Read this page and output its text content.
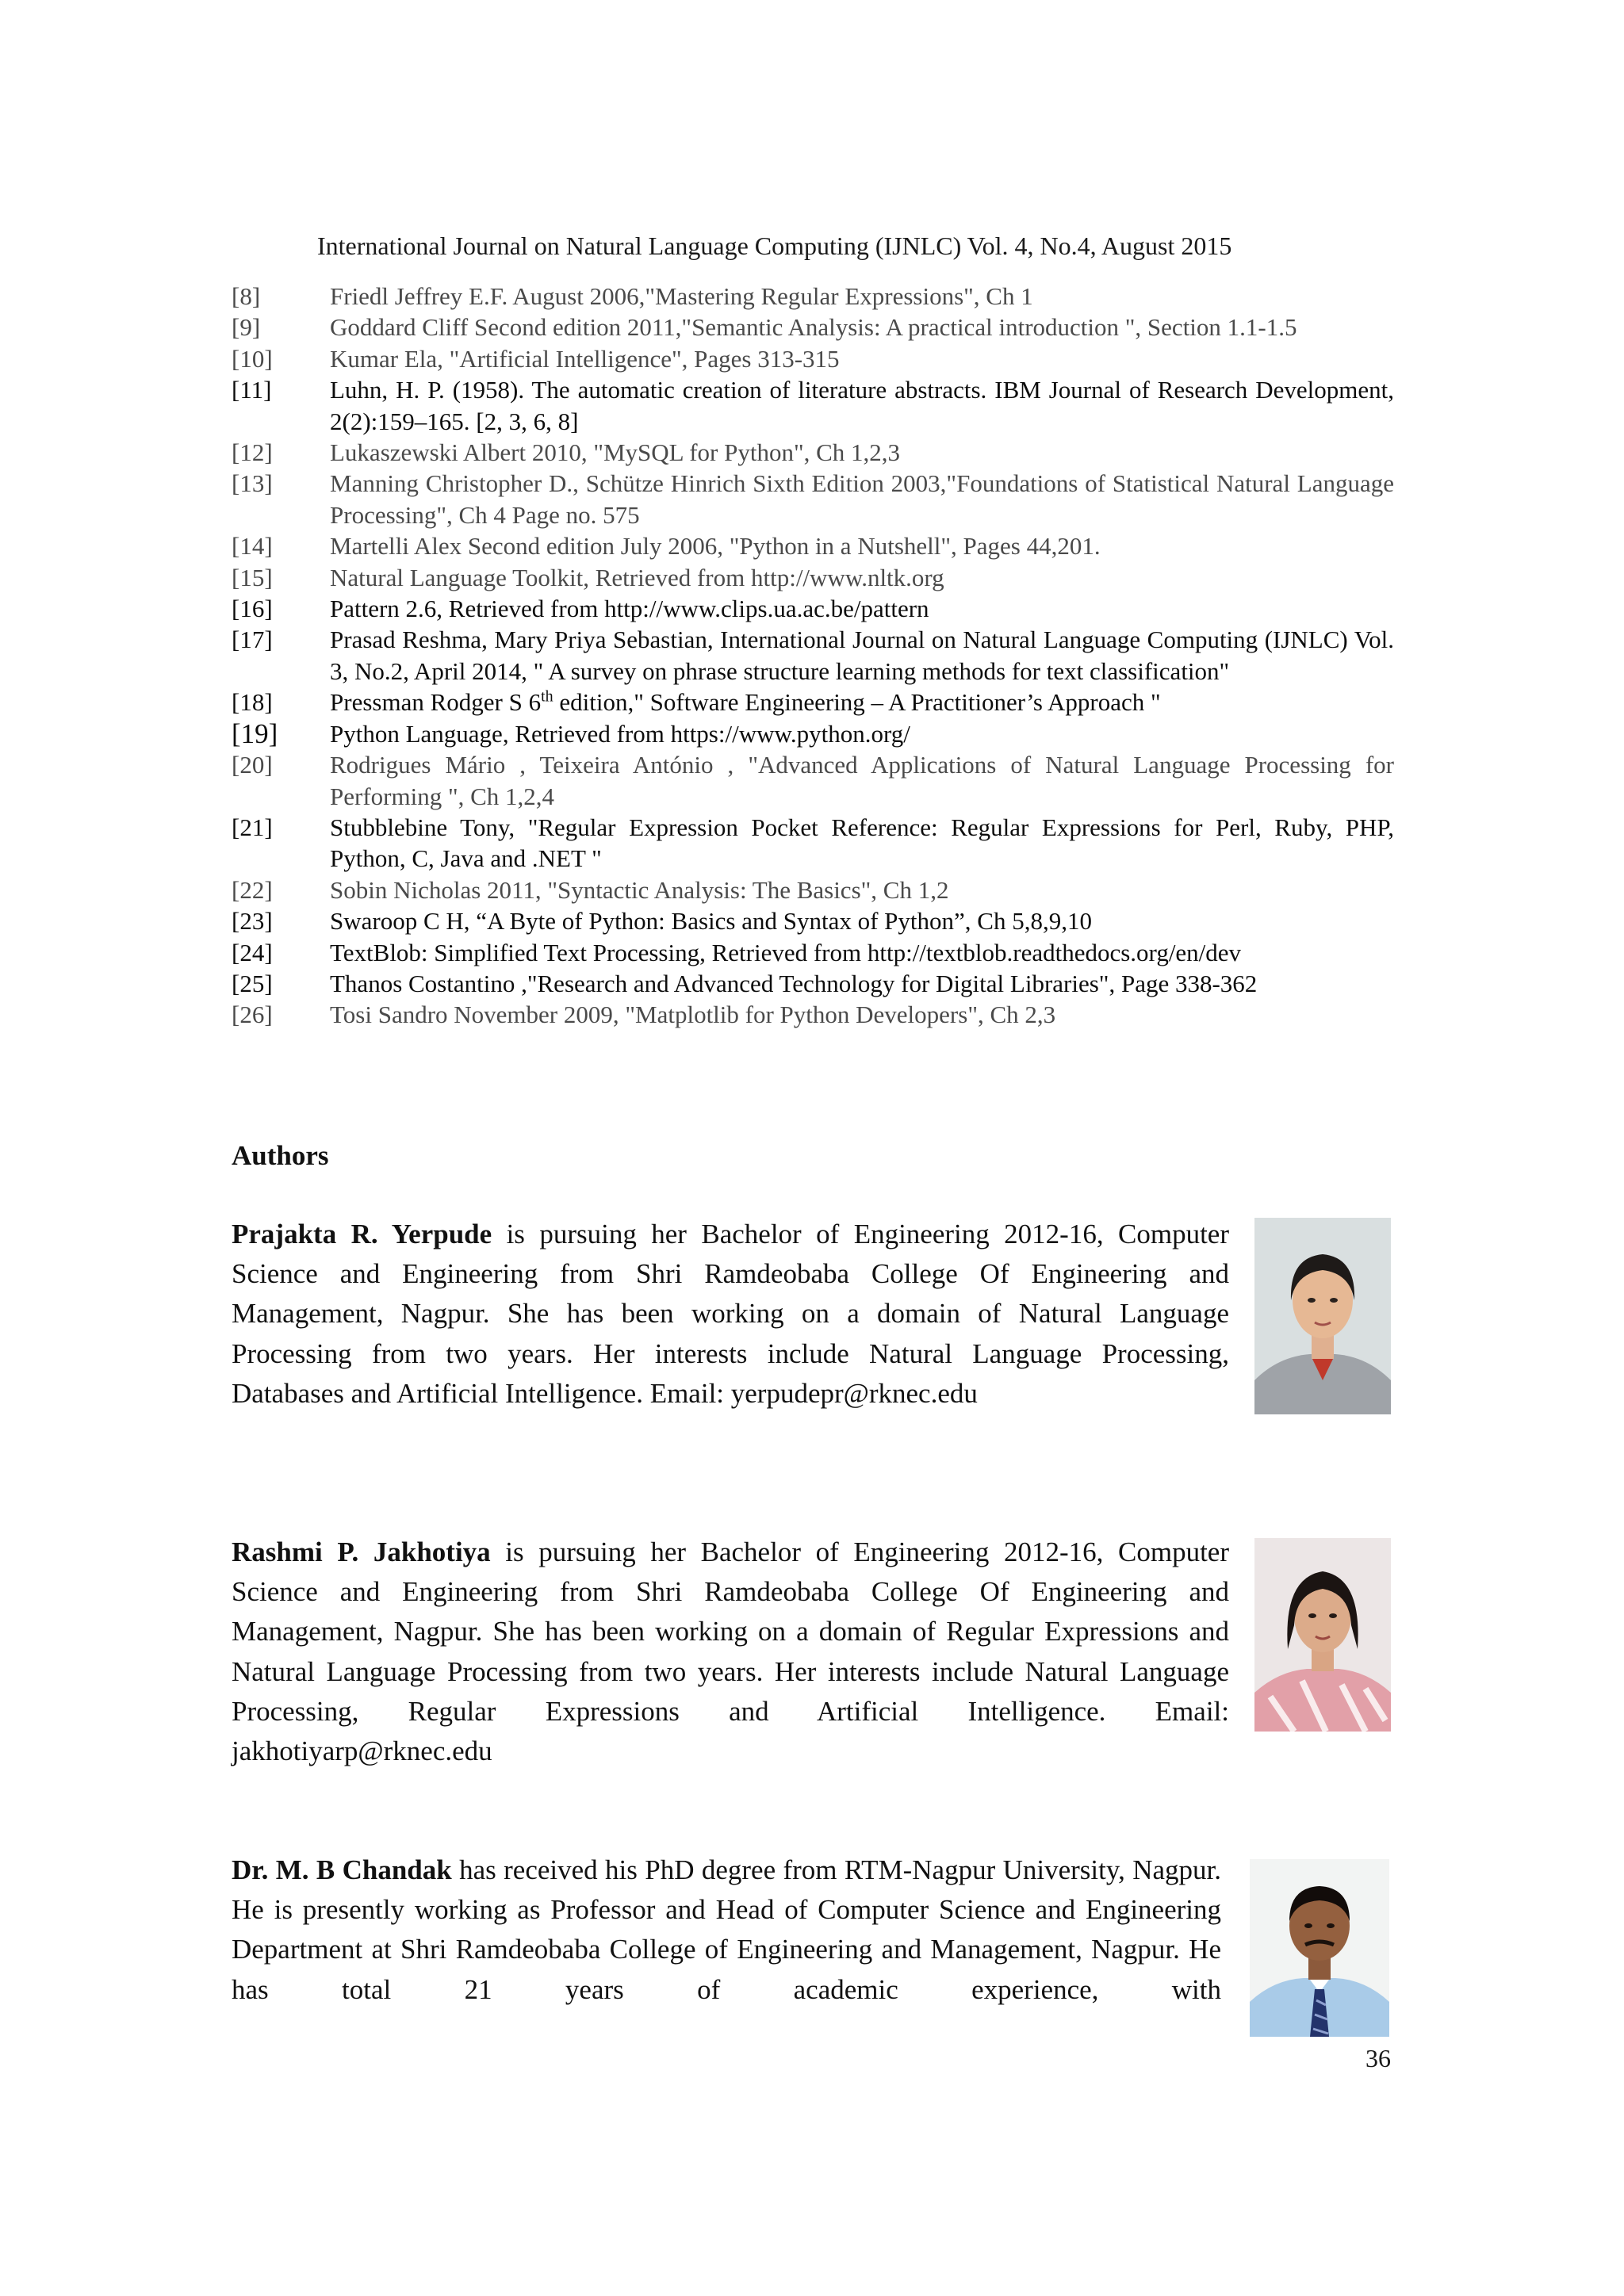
International Journal on Natural Language Computing (IJNLC) Vol. 4, No.4, August 2015
[8]	Friedl Jeffrey E.F. August 2006,"Mastering Regular Expressions", Ch 1
[9]	Goddard Cliff Second edition 2011,"Semantic Analysis: A practical introduction ", Section 1.1-1.5
[10]	Kumar Ela, "Artificial Intelligence", Pages 313-315
[11]	Luhn, H. P. (1958). The automatic creation of literature abstracts. IBM Journal of Research Development, 2(2):159–165. [2, 3, 6, 8]
[12]	Lukaszewski Albert 2010, "MySQL for Python", Ch 1,2,3
[13]	Manning Christopher D., Schütze Hinrich Sixth Edition 2003,"Foundations of Statistical Natural Language Processing", Ch 4 Page no. 575
[14]	Martelli Alex Second edition July 2006, "Python in a Nutshell", Pages 44,201.
[15]	Natural Language Toolkit, Retrieved from http://www.nltk.org
[16]	Pattern 2.6, Retrieved from http://www.clips.ua.ac.be/pattern
[17]	Prasad Reshma, Mary Priya Sebastian, International Journal on Natural Language Computing (IJNLC) Vol. 3, No.2, April 2014, " A survey on phrase structure learning methods for text classification"
[18]	Pressman Rodger S 6th edition," Software Engineering – A Practitioner’s Approach "
[19]	Python Language, Retrieved from https://www.python.org/
[20]	Rodrigues Mário , Teixeira António , "Advanced Applications of Natural Language Processing for Performing ", Ch 1,2,4
[21]	Stubblebine Tony, "Regular Expression Pocket Reference: Regular Expressions for Perl, Ruby, PHP, Python, C, Java and .NET "
[22]	Sobin Nicholas 2011, "Syntactic Analysis: The Basics", Ch 1,2
[23]	Swaroop C H, “A Byte of Python: Basics and Syntax of Python”, Ch 5,8,9,10
[24]	TextBlob: Simplified Text Processing, Retrieved from http://textblob.readthedocs.org/en/dev
[25]	Thanos Costantino ,"Research and Advanced Technology for Digital Libraries", Page 338-362
[26]	Tosi Sandro November 2009, "Matplotlib for Python Developers", Ch 2,3
Authors
Prajakta R. Yerpude is pursuing her Bachelor of Engineering 2012-16, Computer Science and Engineering from Shri Ramdeobaba College Of Engineering and Management, Nagpur. She has been working on a domain of Natural Language Processing from two years. Her interests include Natural Language Processing, Databases and Artificial Intelligence. Email: yerpudepr@rknec.edu
Rashmi P. Jakhotiya is pursuing her Bachelor of Engineering 2012-16, Computer Science and Engineering from Shri Ramdeobaba College Of Engineering and Management, Nagpur. She has been working on a domain of Regular Expressions and Natural Language Processing from two years. Her interests include Natural Language Processing, Regular Expressions and Artificial Intelligence. Email: jakhotiyarp@rknec.edu
Dr. M. B Chandak has received his PhD degree from RTM-Nagpur University, Nagpur. He is presently working as Professor and Head of Computer Science and Engineering Department at Shri Ramdeobaba College of Engineering and Management, Nagpur. He has total 21 years of academic experience, with
36
